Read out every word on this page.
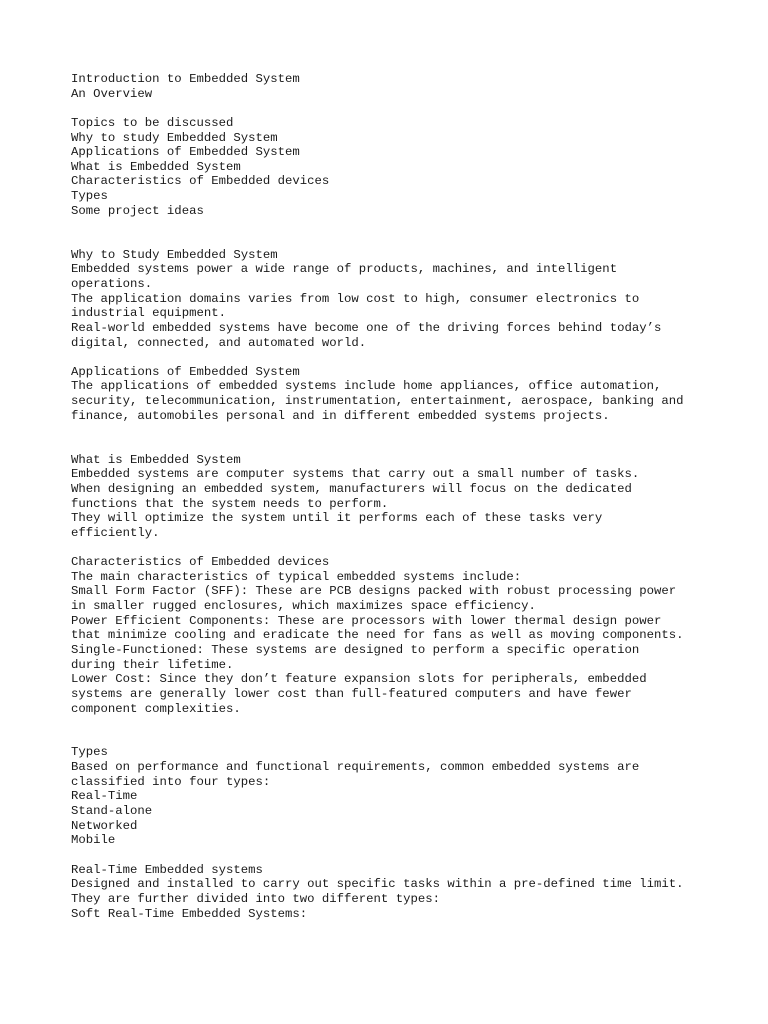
Introduction to Embedded System
An Overview
Topics to be discussed
Why to study Embedded System
Applications of Embedded System
What is Embedded System
Characteristics of Embedded devices
Types
Some project ideas
Why to Study Embedded System
Embedded systems power a wide range of products, machines, and intelligent
operations.
The application domains varies from low cost to high, consumer electronics to
industrial equipment.
Real-world embedded systems have become one of the driving forces behind today’s
digital, connected, and automated world.
Applications of Embedded System
The applications of embedded systems include home appliances, office automation,
security, telecommunication, instrumentation, entertainment, aerospace, banking and
finance, automobiles personal and in different embedded systems projects.
What is Embedded System
Embedded systems are computer systems that carry out a small number of tasks.
When designing an embedded system, manufacturers will focus on the dedicated
functions that the system needs to perform.
They will optimize the system until it performs each of these tasks very
efficiently.
Characteristics of Embedded devices
The main characteristics of typical embedded systems include:
Small Form Factor (SFF): These are PCB designs packed with robust processing power
in smaller rugged enclosures, which maximizes space efficiency.
Power Efficient Components: These are processors with lower thermal design power
that minimize cooling and eradicate the need for fans as well as moving components.
Single-Functioned: These systems are designed to perform a specific operation
during their lifetime.
Lower Cost: Since they don’t feature expansion slots for peripherals, embedded
systems are generally lower cost than full-featured computers and have fewer
component complexities.
Types
Based on performance and functional requirements, common embedded systems are
classified into four types:
Real-Time
Stand-alone
Networked
Mobile
Real-Time Embedded systems
Designed and installed to carry out specific tasks within a pre-defined time limit.
They are further divided into two different types:
Soft Real-Time Embedded Systems:
